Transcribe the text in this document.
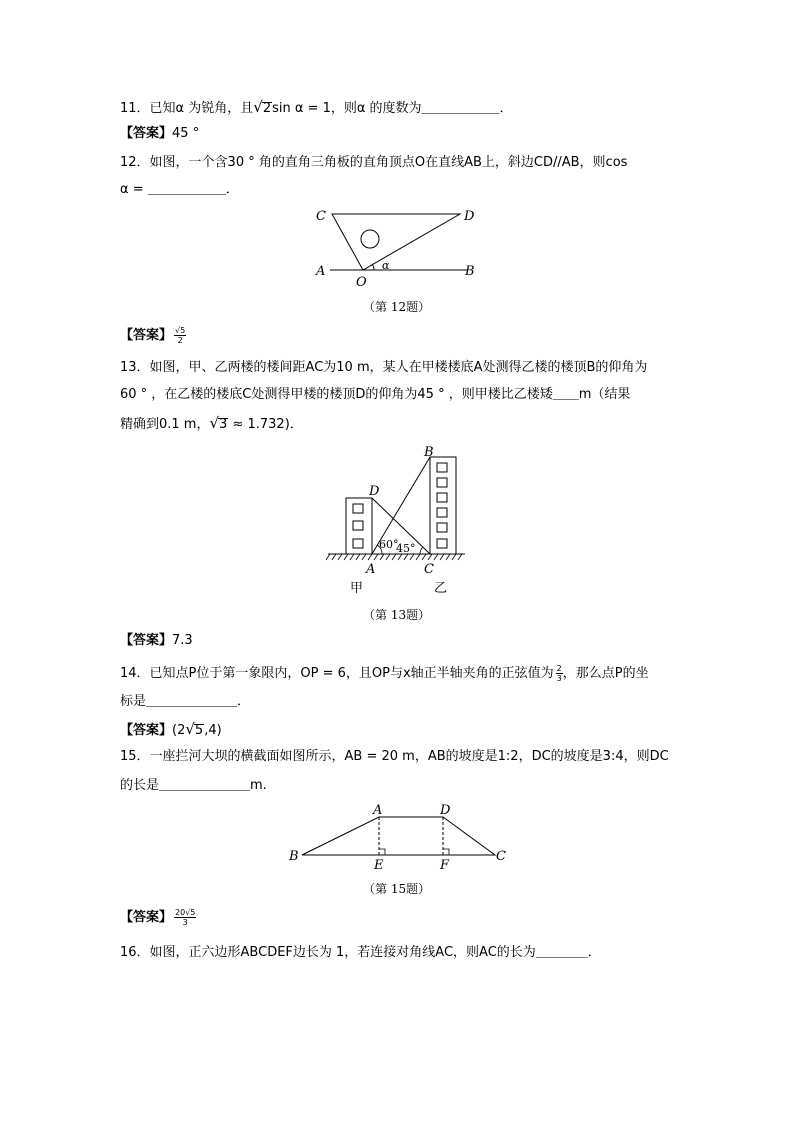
11．已知α 为锐角，且√2sin α = 1，则α 的度数为＿＿＿＿＿＿．
【答案】45 °
12．如图，一个含30 ° 角的直角三角板的直角顶点O在直线AB上，斜边CD//AB，则cos
α = ＿＿＿＿＿＿．
C	D
A	B
O
α
（第 12题）
【答案】 $\frac{√5}{2}$
13．如图，甲、乙两楼的楼间距AC为10 m，某人在甲楼楼底A处测得乙楼的楼顶B的仰角为
60 ° ，在乙楼的楼底C处测得甲楼的楼顶D的仰角为45 ° ，则甲楼比乙楼矮＿＿m（结果
精确到0.1 m，√3 ≈ 1.732)．
B
D
A	C
60°
45°
甲	乙
（第 13题）
【答案】7.3
14．已知点P位于第一象限内，OP = 6，且OP与x轴正半轴夹角的正弦值为 $\frac{2}{3}$ ，那么点P的坐
标是＿＿＿＿＿＿＿．
【答案】(2√5,4)
15．一座拦河大坝的横截面如图所示，AB = 20 m，AB的坡度是1:2，DC的坡度是3:4，则DC
的长是＿＿＿＿＿＿＿m.
A	D
B
E	F
C
（第 15题）
【答案】 $\frac{20√5}{3}$
16．如图，正六边形ABCDEF边长为 1，若连接对角线AC，则AC的长为＿＿＿＿．
